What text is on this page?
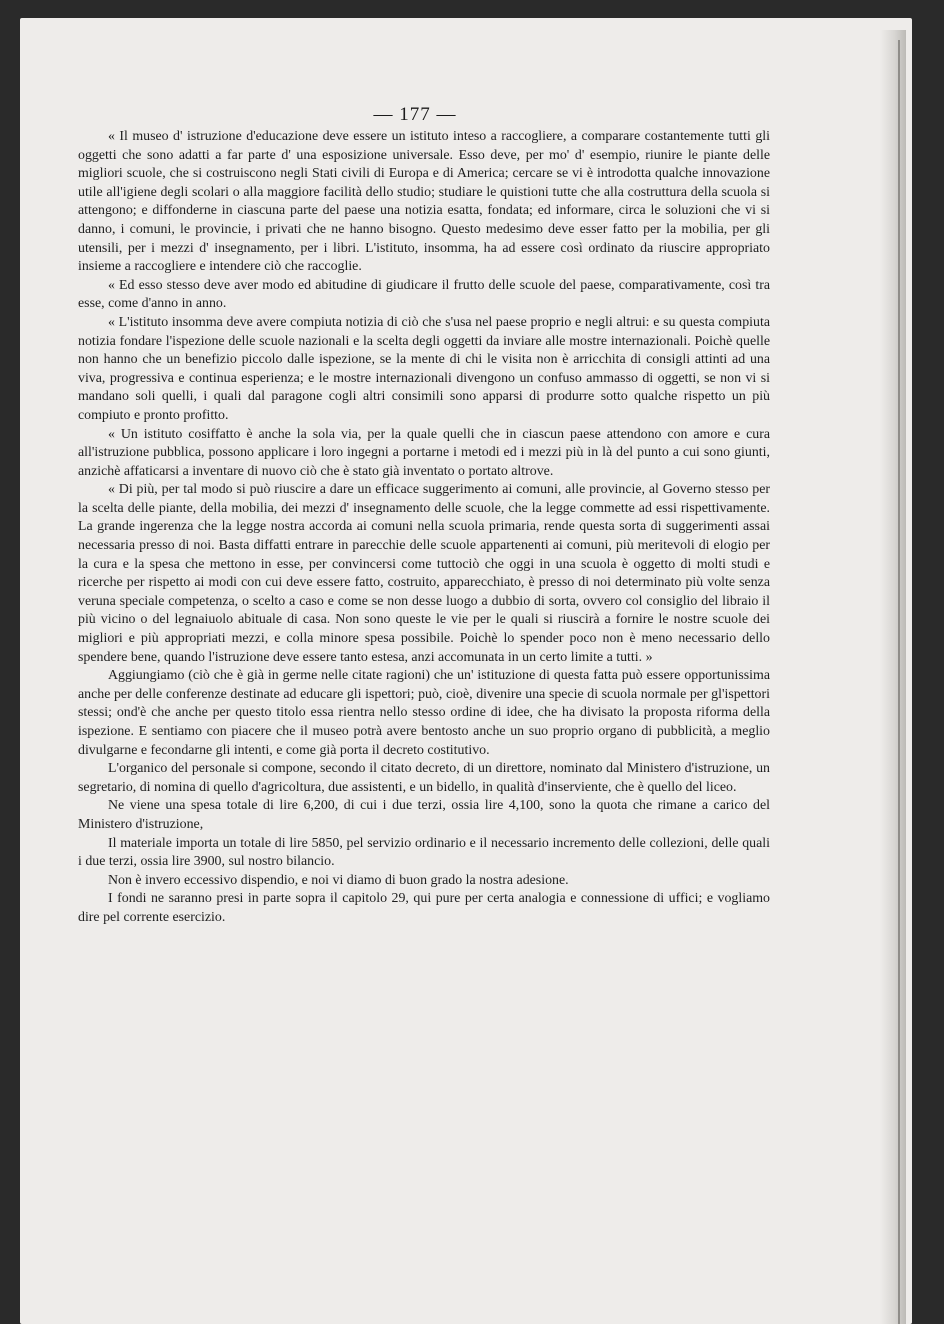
— 177 —

« Il museo d' istruzione d'educazione deve essere un istituto inteso a raccogliere, a comparare costantemente tutti gli oggetti che sono adatti a far parte d' una esposizione universale. Esso deve, per mo' d' esempio, riunire le piante delle migliori scuole, che si costruiscono negli Stati civili di Europa e di America; cercare se vi è introdotta qualche innovazione utile all'igiene degli scolari o alla maggiore facilità dello studio; studiare le quistioni tutte che alla costruttura della scuola si attengono; e diffonderne in ciascuna parte del paese una notizia esatta, fondata; ed informare, circa le soluzioni che vi si danno, i comuni, le provincie, i privati che ne hanno bisogno. Questo medesimo deve esser fatto per la mobilia, per gli utensili, per i mezzi d' insegnamento, per i libri. L'istituto, insomma, ha ad essere così ordinato da riuscire appropriato insieme a raccogliere e intendere ciò che raccoglie.

« Ed esso stesso deve aver modo ed abitudine di giudicare il frutto delle scuole del paese, comparativamente, così tra esse, come d'anno in anno.

« L'istituto insomma deve avere compiuta notizia di ciò che s'usa nel paese proprio e negli altrui: e su questa compiuta notizia fondare l'ispezione delle scuole nazionali e la scelta degli oggetti da inviare alle mostre internazionali. Poichè quelle non hanno che un benefizio piccolo dalle ispezione, se la mente di chi le visita non è arricchita di consigli attinti ad una viva, progressiva e continua esperienza; e le mostre internazionali divengono un confuso ammasso di oggetti, se non vi si mandano soli quelli, i quali dal paragone cogli altri consimili sono apparsi di produrre sotto qualche rispetto un più compiuto e pronto profitto.

« Un istituto cosiffatto è anche la sola via, per la quale quelli che in ciascun paese attendono con amore e cura all'istruzione pubblica, possono applicare i loro ingegni a portarne i metodi ed i mezzi più in là del punto a cui sono giunti, anzichè affaticarsi a inventare di nuovo ciò che è stato già inventato o portato altrove.

« Di più, per tal modo si può riuscire a dare un efficace suggerimento ai comuni, alle provincie, al Governo stesso per la scelta delle piante, della mobilia, dei mezzi d' insegnamento delle scuole, che la legge commette ad essi rispettivamente. La grande ingerenza che la legge nostra accorda ai comuni nella scuola primaria, rende questa sorta di suggerimenti assai necessaria presso di noi. Basta diffatti entrare in parecchie delle scuole appartenenti ai comuni, più meritevoli di elogio per la cura e la spesa che mettono in esse, per convincersi come tuttociò che oggi in una scuola è oggetto di molti studi e ricerche per rispetto ai modi con cui deve essere fatto, costruito, apparecchiato, è presso di noi determinato più volte senza veruna speciale competenza, o scelto a caso e come se non desse luogo a dubbio di sorta, ovvero col consiglio del libraio il più vicino o del legnaiuolo abituale di casa. Non sono queste le vie per le quali si riuscirà a fornire le nostre scuole dei migliori e più appropriati mezzi, e colla minore spesa possibile. Poichè lo spender poco non è meno necessario dello spendere bene, quando l'istruzione deve essere tanto estesa, anzi accomunata in un certo limite a tutti. »

Aggiungiamo (ciò che è già in germe nelle citate ragioni) che un' istituzione di questa fatta può essere opportunissima anche per delle conferenze destinate ad educare gli ispettori; può, cioè, divenire una specie di scuola normale per gl'ispettori stessi; ond'è che anche per questo titolo essa rientra nello stesso ordine di idee, che ha divisato la proposta riforma della ispezione. E sentiamo con piacere che il museo potrà avere bentosto anche un suo proprio organo di pubblicità, a meglio divulgarne e fecondarne gli intenti, e come già porta il decreto costitutivo.

L'organico del personale si compone, secondo il citato decreto, di un direttore, nominato dal Ministero d'istruzione, un segretario, di nomina di quello d'agricoltura, due assistenti, e un bidello, in qualità d'inserviente, che è quello del liceo.

Ne viene una spesa totale di lire 6,200, di cui i due terzi, ossia lire 4,100, sono la quota che rimane a carico del Ministero d'istruzione,

Il materiale importa un totale di lire 5850, pel servizio ordinario e il necessario incremento delle collezioni, delle quali i due terzi, ossia lire 3900, sul nostro bilancio.

Non è invero eccessivo dispendio, e noi vi diamo di buon grado la nostra adesione.

I fondi ne saranno presi in parte sopra il capitolo 29, qui pure per certa analogia e connessione di uffici; e vogliamo dire pel corrente esercizio.
